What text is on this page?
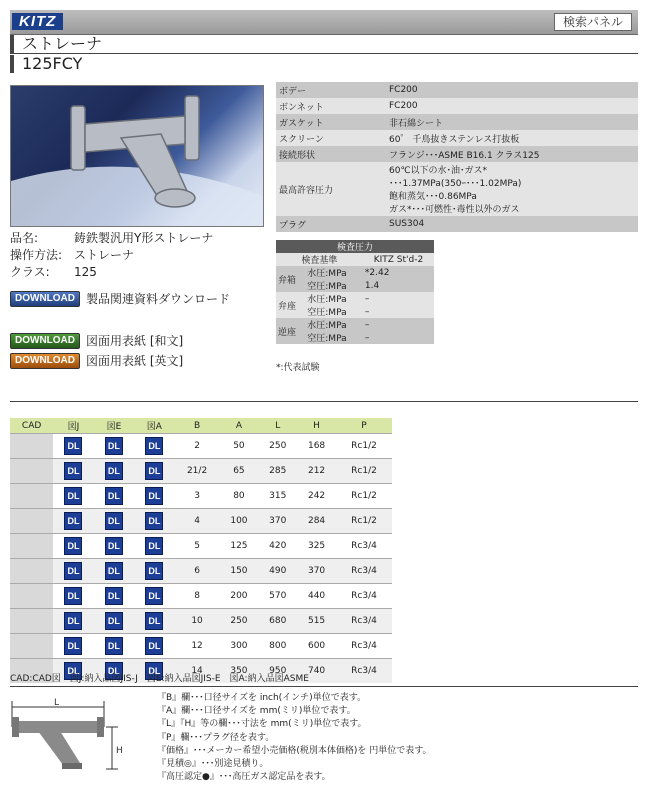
KITZ	検索パネル
ストレーナ
125FCY
ボデー	FC200
ボンネット	FC200
ガスケット	非石綿シート
スクリーン	60゜ 千鳥抜きステンレス打抜板
接続形状	フランジ･･･ASME B16.1 クラス125
最高許容圧力	60℃以下の水･油･ガス*
･･･1.37MPa(350ｰ･･･1.02MPa)
飽和蒸気･･･0.86MPa
ガス*･･･可燃性･毒性以外のガス
プラグ	SUS304
品名:	鋳鉄製汎用Y形ストレーナ
操作方法: ストレーナ
クラス:	125
DOWNLOAD 製品関連資料ダウンロード
DOWNLOAD 図面用表紙 [和文]
DOWNLOAD 図面用表紙 [英文]
検査圧力		
検査基準		KITZ St'd-2
弁箱	水圧:MPa	*2.42
	空圧:MPa	1.4
弁座	水圧:MPa	–
	空圧:MPa	–
逆座	水圧:MPa	–
	空圧:MPa	–
*:代表試験
CAD	図J	図E	図A	B	A	L	H	P
	DL	DL	DL	2	50	250	168	Rc1/2
	DL	DL	DL	21/2	65	285	212	Rc1/2
	DL	DL	DL	3	80	315	242	Rc1/2
	DL	DL	DL	4	100	370	284	Rc1/2
	DL	DL	DL	5	125	420	325	Rc3/4
	DL	DL	DL	6	150	490	370	Rc3/4
	DL	DL	DL	8	200	570	440	Rc3/4
	DL	DL	DL	10	250	680	515	Rc3/4
	DL	DL	DL	12	300	800	600	Rc3/4
	DL	DL	DL	14	350	950	740	Rc3/4
CAD:CAD図　図J:納入品図JIS-J　図E:納入品図JIS-E　図A:納入品図ASME
L
H
『B』欄･･･口径サイズを inch(インチ)単位で表す。
『A』欄･･･口径サイズを mm(ミリ)単位で表す。
『L』『H』等の欄･･･寸法を mm(ミリ)単位で表す。
『P』欄･･･プラグ径を表す。
『価格』･･･メーカー希望小売価格(税別本体価格)を 円単位で表す。
『見積◎』･･･別途見積り。
『高圧認定●』･･･高圧ガス認定品を表す。
